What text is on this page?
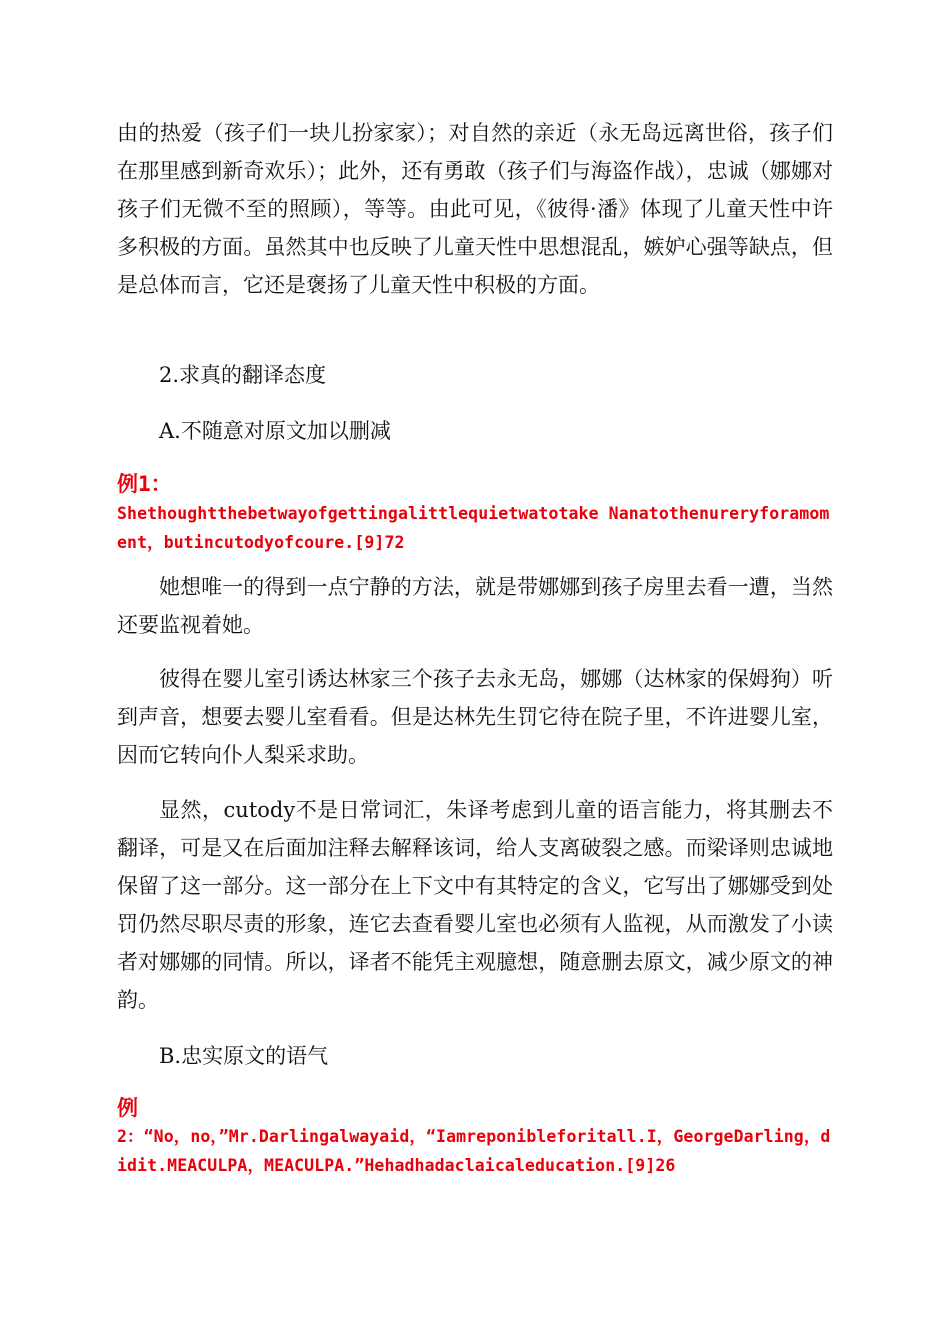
由的热爱（孩子们一块儿扮家家）；对自然的亲近（永无岛远离世俗，孩子们在那里感到新奇欢乐）；此外，还有勇敢（孩子们与海盗作战），忠诚（娜娜对孩子们无微不至的照顾），等等。由此可见，《彼得·潘》体现了儿童天性中许多积极的方面。虽然其中也反映了儿童天性中思想混乱，嫉妒心强等缺点，但是总体而言，它还是褒扬了儿童天性中积极的方面。

2.求真的翻译态度

A.不随意对原文加以删减

例1：

Shethoughtthebetwayofgettingalittlequietwatotake Nanatothenureryforamoment，butincutodyofcoure.[9]72

她想唯一的得到一点宁静的方法，就是带娜娜到孩子房里去看一遭，当然还要监视着她。

彼得在婴儿室引诱达林家三个孩子去永无岛，娜娜（达林家的保姆狗）听到声音，想要去婴儿室看看。但是达林先生罚它待在院子里，不许进婴儿室，因而它转向仆人梨采求助。

显然，cutody不是日常词汇，朱译考虑到儿童的语言能力，将其删去不翻译，可是又在后面加注释去解释该词，给人支离破裂之感。而梁译则忠诚地保留了这一部分。这一部分在上下文中有其特定的含义，它写出了娜娜受到处罚仍然尽职尽责的形象，连它去查看婴儿室也必须有人监视，从而激发了小读者对娜娜的同情。所以，译者不能凭主观臆想，随意删去原文，减少原文的神韵。

B.忠实原文的语气

例

2：“No，no，”Mr.Darlingalwayaid，“Iamreponibleforitall.I，GeorgeDarling，didit.MEACULPA，MEACULPA.”Hehadhadaclaicaleducation.[9]26
